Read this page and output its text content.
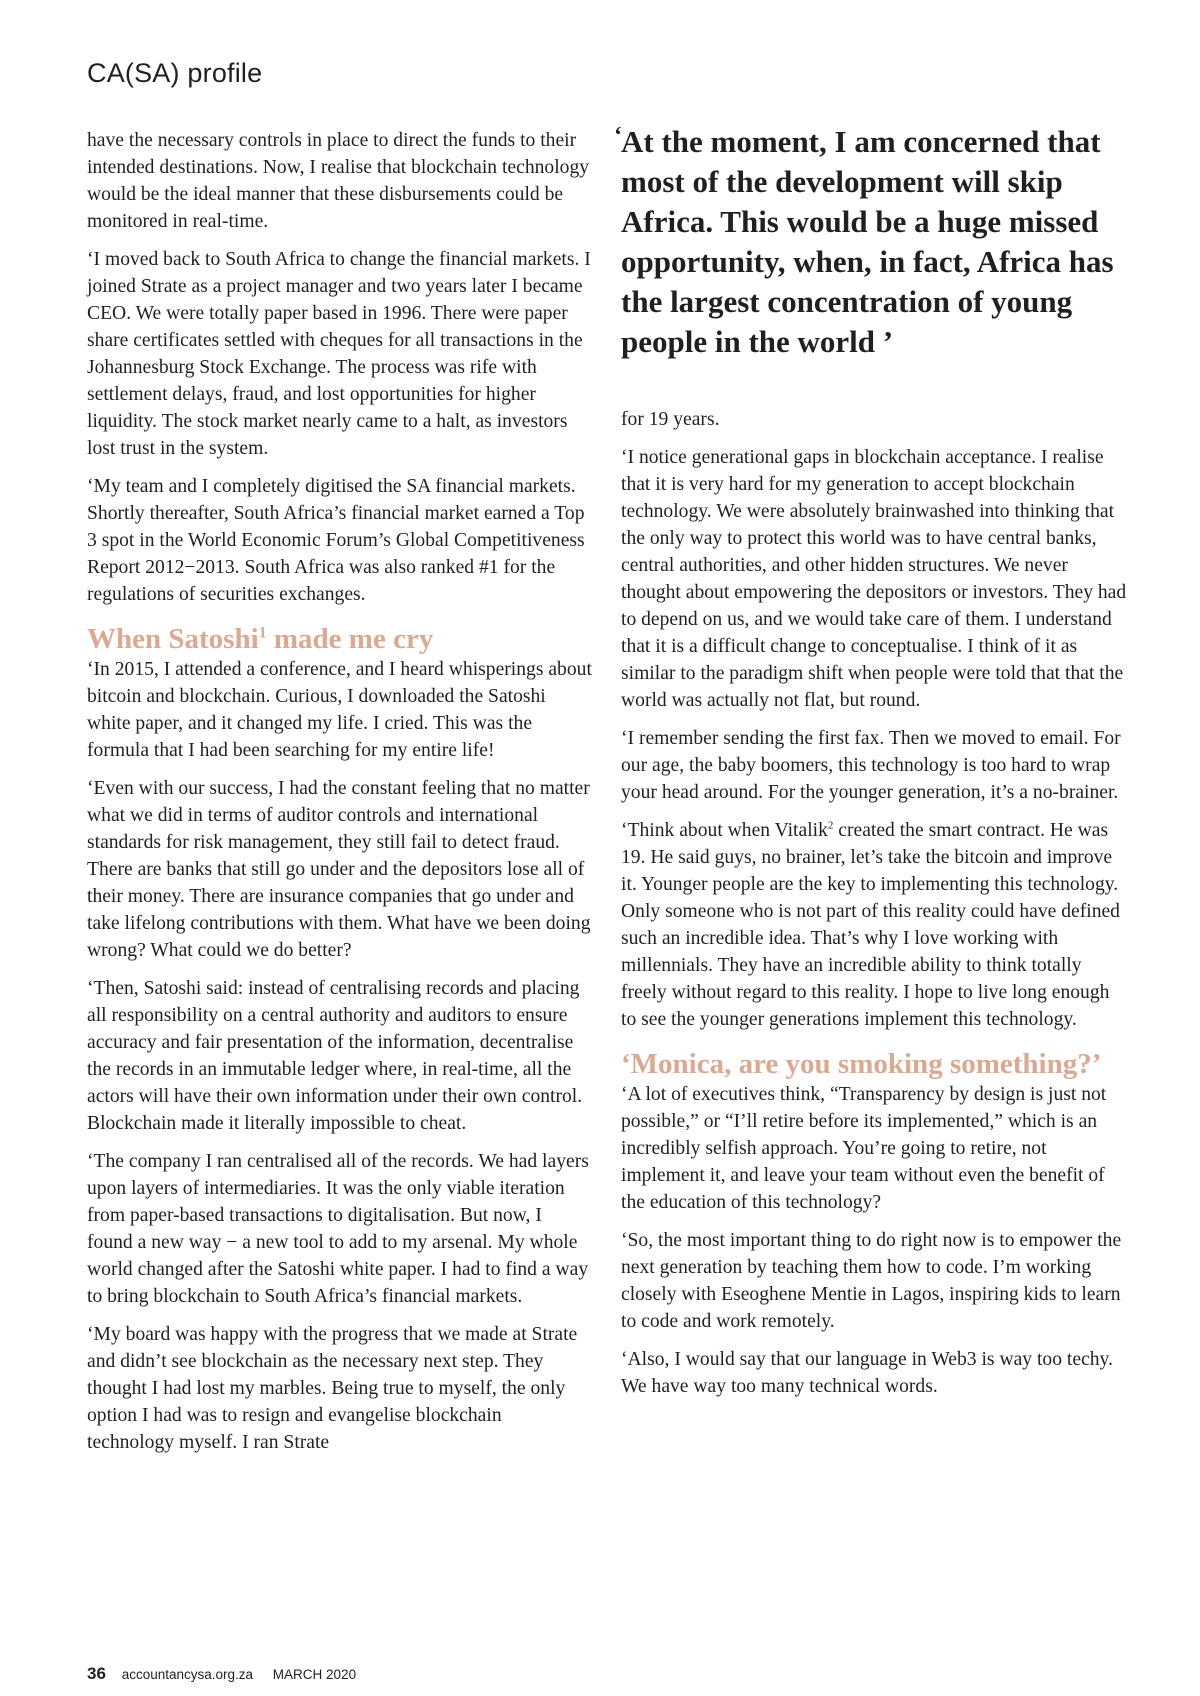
CA(SA) profile

have the necessary controls in place to direct the funds to their intended destinations. Now, I realise that blockchain technology would be the ideal manner that these disbursements could be monitored in real-time.

‘I moved back to South Africa to change the financial markets. I joined Strate as a project manager and two years later I became CEO. We were totally paper based in 1996. There were paper share certificates settled with cheques for all transactions in the Johannesburg Stock Exchange. The process was rife with settlement delays, fraud, and lost opportunities for higher liquidity. The stock market nearly came to a halt, as investors lost trust in the system.

‘My team and I completely digitised the SA financial markets. Shortly thereafter, South Africa’s financial market earned a Top 3 spot in the World Economic Forum’s Global Competitiveness Report 2012−2013. South Africa was also ranked #1 for the regulations of securities exchanges.

When Satoshi$^1$ made me cry

‘In 2015, I attended a conference, and I heard whisperings about bitcoin and blockchain. Curious, I downloaded the Satoshi white paper, and it changed my life. I cried. This was the formula that I had been searching for my entire life!

‘Even with our success, I had the constant feeling that no matter what we did in terms of auditor controls and international standards for risk management, they still fail to detect fraud. There are banks that still go under and the depositors lose all of their money. There are insurance companies that go under and take lifelong contributions with them. What have we been doing wrong? What could we do better?

‘Then, Satoshi said: instead of centralising records and placing all responsibility on a central authority and auditors to ensure accuracy and fair presentation of the information, decentralise the records in an immutable ledger where, in real-time, all the actors will have their own information under their own control. Blockchain made it literally impossible to cheat.

‘The company I ran centralised all of the records. We had layers upon layers of intermediaries. It was the only viable iteration from paper-based transactions to digitalisation. But now, I found a new way − a new tool to add to my arsenal. My whole world changed after the Satoshi white paper. I had to find a way to bring blockchain to South Africa’s financial markets.

‘My board was happy with the progress that we made at Strate and didn’t see blockchain as the necessary next step. They thought I had lost my marbles. Being true to myself, the only option I had was to resign and evangelise blockchain technology myself. I ran Strate

‘ At the moment, I am concerned that most of the development will skip Africa. This would be a huge missed opportunity, when, in fact, Africa has the largest concentration of young people in the world ’

for 19 years.

‘I notice generational gaps in blockchain acceptance. I realise that it is very hard for my generation to accept blockchain technology. We were absolutely brainwashed into thinking that the only way to protect this world was to have central banks, central authorities, and other hidden structures. We never thought about empowering the depositors or investors. They had to depend on us, and we would take care of them. I understand that it is a difficult change to conceptualise. I think of it as similar to the paradigm shift when people were told that that the world was actually not flat, but round.

‘I remember sending the first fax. Then we moved to email. For our age, the baby boomers, this technology is too hard to wrap your head around. For the younger generation, it’s a no-brainer.

‘Think about when Vitalik$^2$ created the smart contract. He was 19. He said guys, no brainer, let’s take the bitcoin and improve it. Younger people are the key to implementing this technology. Only someone who is not part of this reality could have defined such an incredible idea. That’s why I love working with millennials. They have an incredible ability to think totally freely without regard to this reality. I hope to live long enough to see the younger generations implement this technology.

‘Monica, are you smoking something?’

‘A lot of executives think, “Transparency by design is just not possible,” or “I’ll retire before its implemented,” which is an incredibly selfish approach. You’re going to retire, not implement it, and leave your team without even the benefit of the education of this technology?

‘So, the most important thing to do right now is to empower the next generation by teaching them how to code. I’m working closely with Eseoghene Mentie in Lagos, inspiring kids to learn to code and work remotely.

‘Also, I would say that our language in Web3 is way too techy. We have way too many technical words.

36 accountancysa.org.za MARCH 2020
